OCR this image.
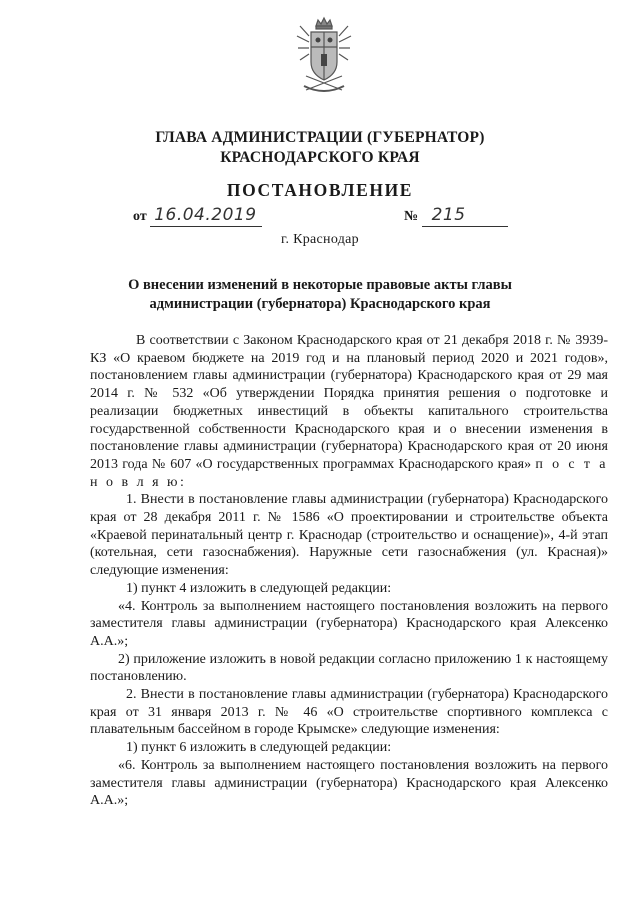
ГЛАВА АДМИНИСТРАЦИИ (ГУБЕРНАТОР)
КРАСНОДАРСКОГО КРАЯ
ПОСТАНОВЛЕНИЕ
от 16.04.2019	№ 215
г. Краснодар
О внесении изменений в некоторые правовые акты главы
администрации (губернатора) Краснодарского края

В соответствии с Законом Краснодарского края от 21 декабря 2018 г. № 3939-КЗ «О краевом бюджете на 2019 год и на плановый период 2020 и 2021 годов», постановлением главы администрации (губернатора) Краснодарского края от 29 мая 2014 г. № 532 «Об утверждении Порядка принятия решения о подготовке и реализации бюджетных инвестиций в объекты капитального строительства государственной собственности Краснодарского края и о внесении изменения в постановление главы администрации (губернатора) Краснодарского края от 20 июня 2013 года № 607 «О государственных программах Краснодарского края» п о с т а н о в л я ю:

1. Внести в постановление главы администрации (губернатора) Краснодарского края от 28 декабря 2011 г. № 1586 «О проектировании и строительстве объекта «Краевой перинатальный центр г. Краснодар (строительство и оснащение)», 4-й этап (котельная, сети газоснабжения). Наружные сети газоснабжения (ул. Красная)» следующие изменения:

1) пункт 4 изложить в следующей редакции:

«4. Контроль за выполнением настоящего постановления возложить на первого заместителя главы администрации (губернатора) Краснодарского края Алексенко А.А.»;

2) приложение изложить в новой редакции согласно приложению 1 к настоящему постановлению.

2. Внести в постановление главы администрации (губернатора) Краснодарского края от 31 января 2013 г. № 46 «О строительстве спортивного комплекса с плавательным бассейном в городе Крымске» следующие изменения:

1) пункт 6 изложить в следующей редакции:

«6. Контроль за выполнением настоящего постановления возложить на первого заместителя главы администрации (губернатора) Краснодарского края Алексенко А.А.»;
